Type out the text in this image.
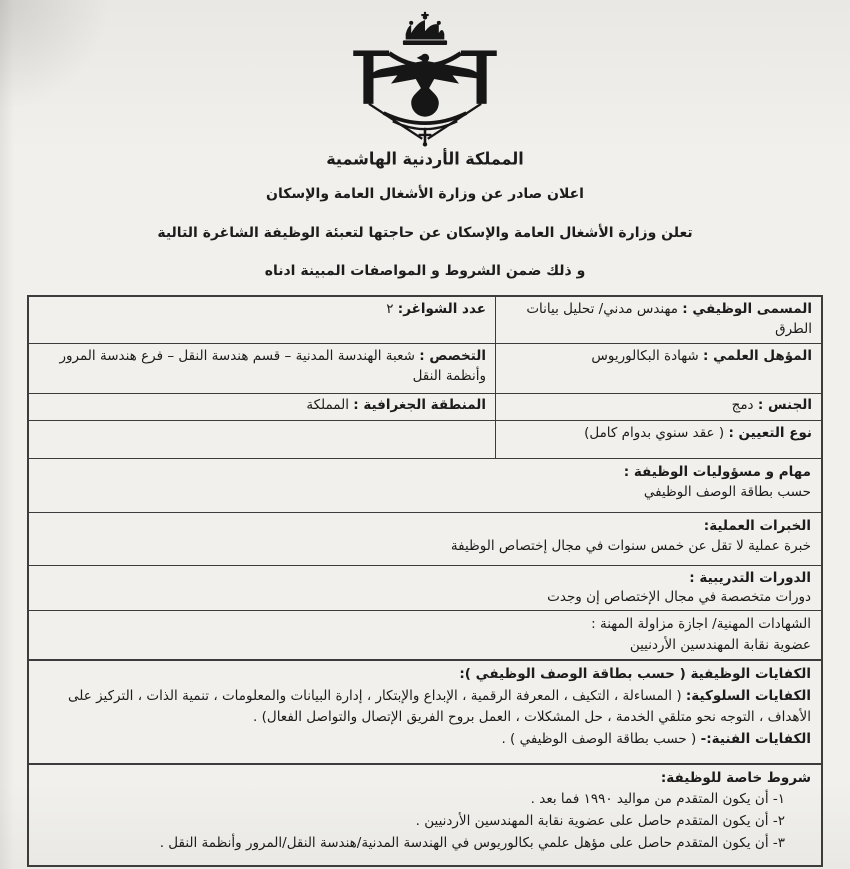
المملكة الأردنية الهاشمية
اعلان صادر عن وزارة الأشغال العامة والإسكان
تعلن وزارة الأشغال العامة والإسكان عن حاجتها لتعبئة الوظيفة الشاغرة التالية
و ذلك ضمن الشروط و المواصفات المبينة ادناه
المسمى الوظيفي : مهندس مدني/ تحليل بيانات الطرق
عدد الشواغر: ٢
المؤهل العلمي : شهادة البكالوريوس
التخصص : شعبة الهندسة المدنية – قسم هندسة النقل – فرع هندسة المرور وأنظمة النقل
الجنس : دمج
المنطقة الجغرافية : المملكة
نوع التعيين : ( عقد سنوي بدوام كامل)
مهام و مسؤوليات الوظيفة :
حسب بطاقة الوصف الوظيفي
الخبرات العملية:
خبرة عملية لا تقل عن خمس سنوات في مجال إختصاص الوظيفة
الدورات التدريبية :
دورات متخصصة في مجال الإختصاص إن وجدت
الشهادات المهنية/ اجازة مزاولة المهنة :
عضوية نقابة المهندسين الأردنيين
الكفايات الوظيفية ( حسب بطاقة الوصف الوظيفي ):
الكفايات السلوكية: ( المساءلة ، التكيف ، المعرفة الرقمية ، الإبداع والإبتكار ، إدارة البيانات والمعلومات ، تنمية الذات ، التركيز على الأهداف ، التوجه نحو متلقي الخدمة ، حل المشكلات ، العمل بروح الفريق الإتصال والتواصل الفعال) .
الكفايات الفنية:- ( حسب بطاقة الوصف الوظيفي ) .
شروط خاصة للوظيفة:
١- أن يكون المتقدم من مواليد ١٩٩٠ فما بعد .
٢- أن يكون المتقدم حاصل على عضوية نقابة المهندسين الأردنيين .
٣- أن يكون المتقدم حاصل على مؤهل علمي بكالوريوس في الهندسة المدنية/هندسة النقل/المرور وأنظمة النقل .
